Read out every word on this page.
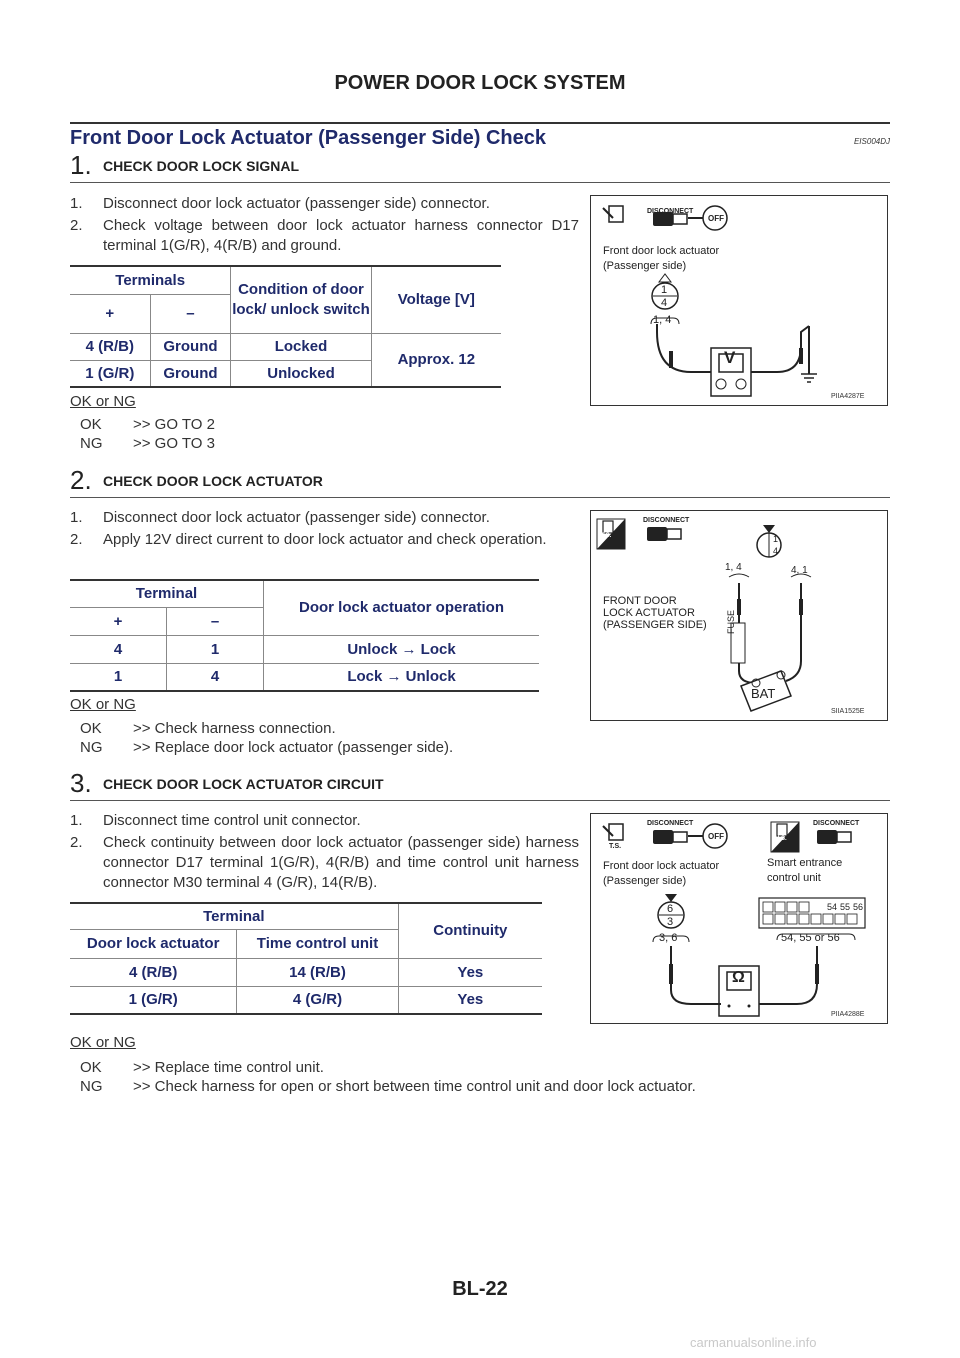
POWER DOOR LOCK SYSTEM
Front Door Lock Actuator (Passenger Side) Check	EIS004DJ
1. CHECK DOOR LOCK SIGNAL
1. Disconnect door lock actuator (passenger side) connector.
2. Check voltage between door lock actuator harness connector D17 terminal 1(G/R), 4(R/B) and ground.
Terminals		Condition of door lock/ unlock switch	Voltage [V]
+	–		
4 (R/B)	Ground	Locked	Approx. 12
1 (G/R)	Ground	Unlocked	
OK or NG
OK >> GO TO 2
NG >> GO TO 3
DISCONNECT
OFF
Front door lock actuator
(Passenger side)
1
4
1, 4
V
PIIA4287E
2. CHECK DOOR LOCK ACTUATOR
1. Disconnect door lock actuator (passenger side) connector.
2. Apply 12V direct current to door lock actuator and check operation.
Terminal		Door lock actuator operation
+	–	
4	1	Unlock → Lock
1	4	Lock → Unlock
OK or NG
OK >> Check harness connection.
NG >> Replace door lock actuator (passenger side).
T.S.
DISCONNECT
1
4
1, 4	4, 1
FRONT DOOR
LOCK ACTUATOR
(PASSENGER SIDE) FUSE
BAT
SIIA1525E
3. CHECK DOOR LOCK ACTUATOR CIRCUIT
1. Disconnect time control unit connector.
2. Check continuity between door lock actuator (passenger side) harness connector D17 terminal 1(G/R), 4(R/B) and time control unit harness connector M30 terminal 4 (G/R), 14(R/B).
Terminal		Continuity
Door lock actuator	Time control unit	
4 (R/B)	14 (R/B)	Yes
1 (G/R)	4 (G/R)	Yes
OK or NG
OK >> Replace time control unit.
NG >> Check harness for open or short between time control unit and door lock actuator.
DISCONNECT
OFF
T.S.
DISCONNECT
H.S.
Front door lock actuator
(Passenger side)
Smart entrance
control unit
6
3
54 55 56
3, 6	54, 55 or 56
Ω
PIIA4288E
BL-22
carmanualsonline.info
